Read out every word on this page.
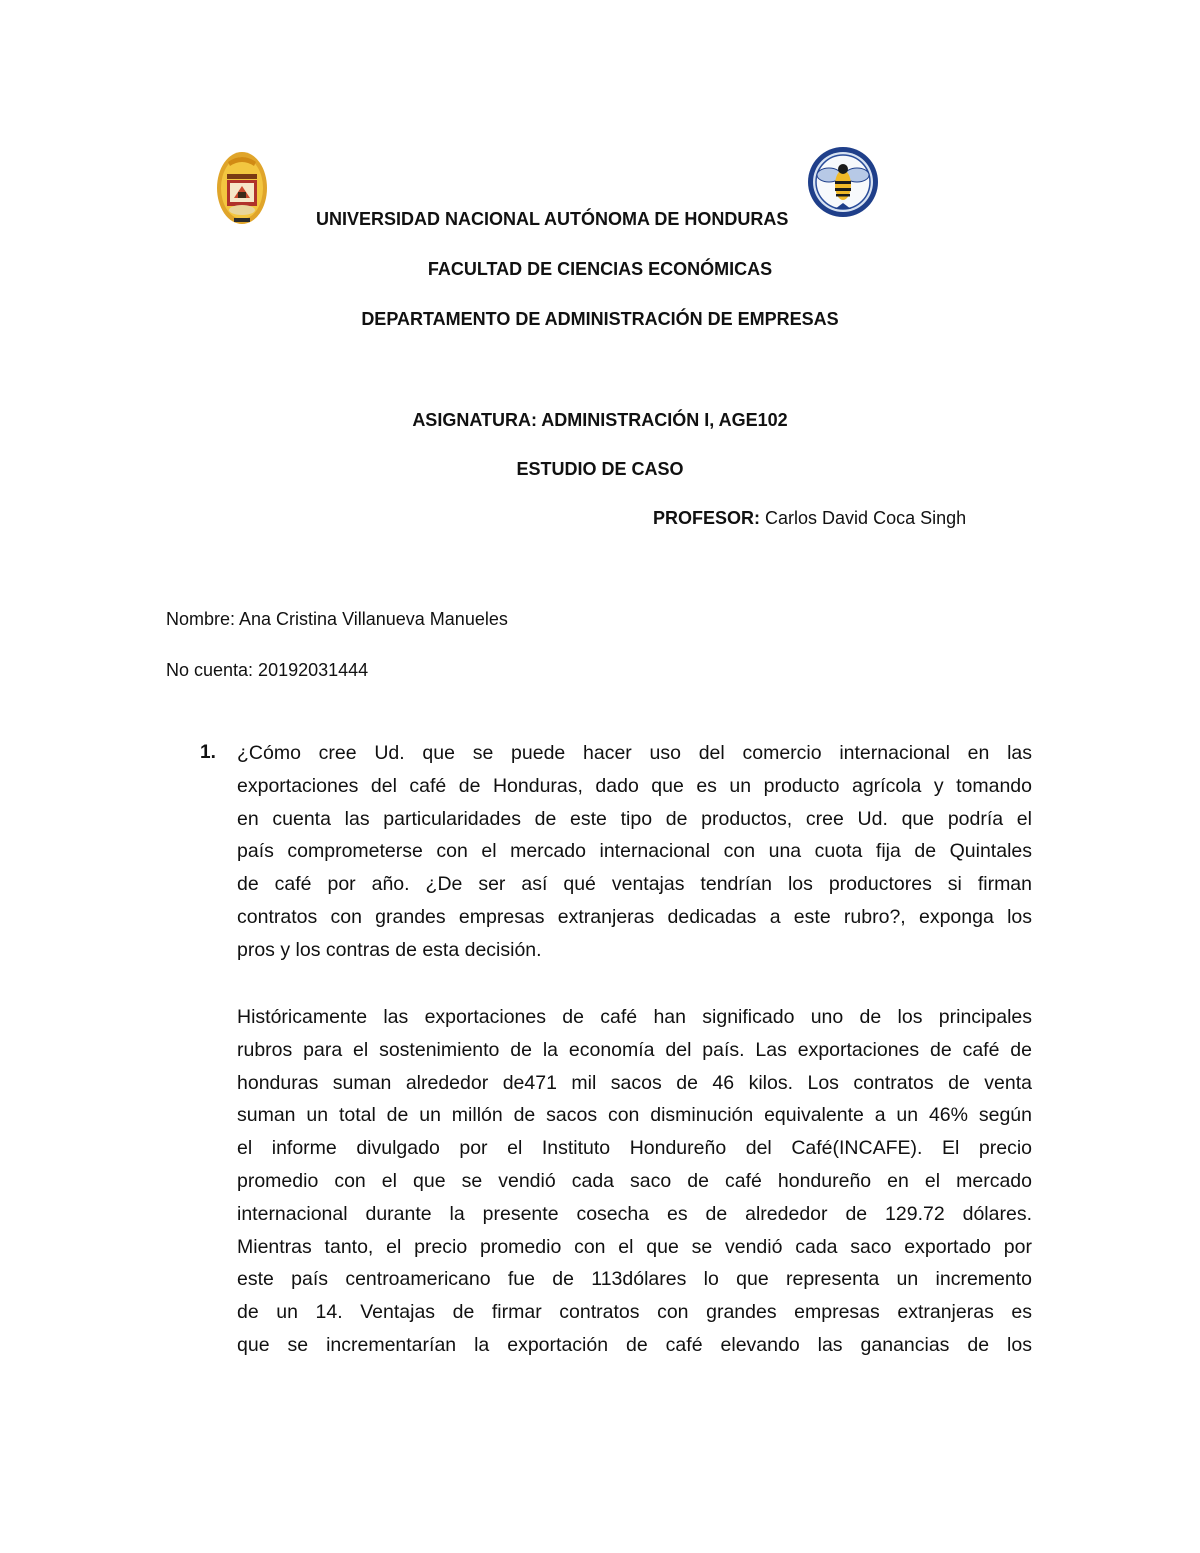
UNIVERSIDAD NACIONAL AUTÓNOMA DE HONDURAS
FACULTAD DE CIENCIAS ECONÓMICAS
DEPARTAMENTO DE ADMINISTRACIÓN DE EMPRESAS
ASIGNATURA: ADMINISTRACIÓN I, AGE102
ESTUDIO DE CASO
PROFESOR: Carlos David Coca Singh
Nombre: Ana Cristina Villanueva Manueles
No cuenta: 20192031444
1. ¿Cómo cree Ud. que se puede hacer uso del comercio internacional en las
exportaciones del café de Honduras, dado que es un producto agrícola y tomando
en cuenta las particularidades de este tipo de productos, cree Ud. que podría el
país comprometerse con el mercado internacional con una cuota fija de Quintales
de café por año. ¿De ser así qué ventajas tendrían los productores si firman
contratos con grandes empresas extranjeras dedicadas a este rubro?, exponga los
pros y los contras de esta decisión.
Históricamente las exportaciones de café han significado uno de los principales
rubros para el sostenimiento de la economía del país. Las exportaciones de café de
honduras suman alrededor de471 mil sacos de 46 kilos. Los contratos de venta
suman un total de un millón de sacos con disminución equivalente a un 46% según
el informe divulgado por el Instituto Hondureño del Café(INCAFE). El precio
promedio con el que se vendió cada saco de café hondureño en el mercado
internacional durante la presente cosecha es de alrededor de 129.72 dólares.
Mientras tanto, el precio promedio con el que se vendió cada saco exportado por
este país centroamericano fue de 113dólares lo que representa un incremento
de un 14. Ventajas de firmar contratos con grandes empresas extranjeras es
que se incrementarían la exportación de café elevando las ganancias de los
